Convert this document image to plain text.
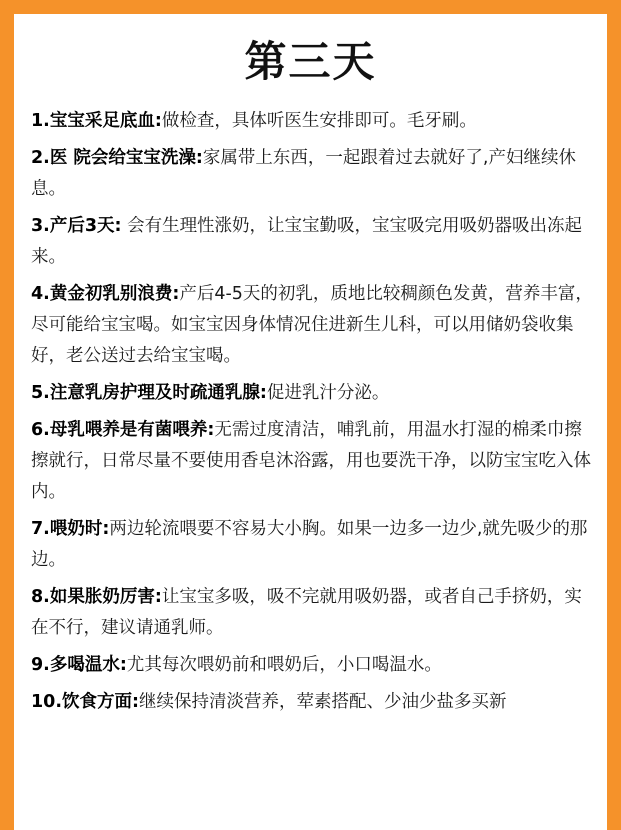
第三天
1.宝宝采足底血:做检查，具体听医生安排即可。毛牙刷。
2.医 院会给宝宝洗澡:家属带上东西，一起跟着过去就好了,产妇继续休息。
3.产后3天: 会有生理性涨奶，让宝宝勤吸，宝宝吸完用吸奶器吸出冻起来。
4.黄金初乳别浪费:产后4-5天的初乳，质地比较稠颜色发黄，营养丰富，尽可能给宝宝喝。如宝宝因身体情况住进新生儿科，可以用储奶袋收集好，老公送过去给宝宝喝。
5.注意乳房护理及时疏通乳腺:促进乳汁分泌。
6.母乳喂养是有菌喂养:无需过度清洁，哺乳前，用温水打湿的棉柔巾擦擦就行，日常尽量不要使用香皂沐浴露，用也要洗干净，以防宝宝吃入体内。
7.喂奶时:两边轮流喂要不容易大小胸。如果一边多一边少,就先吸少的那边。
8.如果胀奶厉害:让宝宝多吸，吸不完就用吸奶器，或者自己手挤奶，实在不行，建议请通乳师。
9.多喝温水:尤其每次喂奶前和喂奶后，小口喝温水。
10.饮食方面:继续保持清淡营养，荤素搭配、少油少盐多买新
